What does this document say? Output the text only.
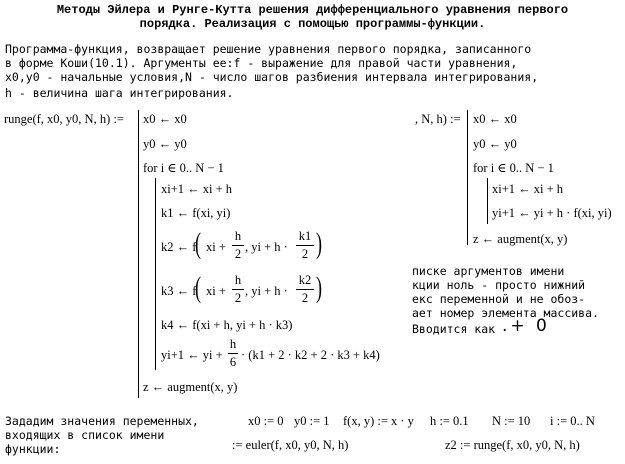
Методы Эйлера и Рунге-Кутта решения дифференциального уравнения первого
порядка. Реализация с помощью программы-функции.
Программа-функция, возвращает решение уравнения первого порядка, записанного
в форме Коши(10.1). Аргументы ее:f - выражение для правой части уравнения,
x0,y0 - начальные условия,N - число шагов разбиения интервала интегрирования,
h - величина шага интегрирования.
runge(f, x0, y0, N, h) := x0 ← x0
y0 ← y0
for i ∈ 0.. N − 1
xi+1 ← xi + h
k1 ← f(xi, yi)
k2 ← f
( xi +
h
2 , yi + h ·
k1
2 )
k3 ← f
( xi +
h
2 , yi + h ·
k2
2 )
k4 ← f(xi + h, yi + h · k3)
yi+1 ← yi +
h
6 · (k1 + 2 · k2 + 2 · k3 + k4)
z ← augment(x, y)
, N, h) := x0 ← x0
y0 ← y0
for i ∈ 0.. N − 1
xi+1 ← xi + h
yi+1 ← yi + h · f(xi, yi)
z ← augment(x, y)
писке аргументов имени
кции ноль - просто нижний
екс переменной и не обоз-
ает номер элемента массива.
Вводится как .+ 0
Зададим значения переменных,
входящих в список имени
функции:
x0 := 0 y0 := 1 f(x, y) := x · y h := 0.1 N := 10 i := 0.. N
:= euler(f, x0, y0, N, h)	z2 := runge(f, x0, y0, N, h)
